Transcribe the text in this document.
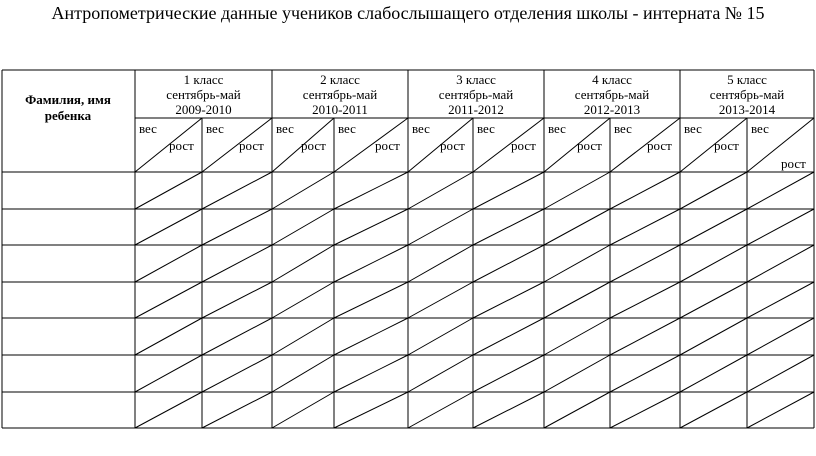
Антропометрические данные учеников слабослышащего отделения школы - интерната № 15
Фамилия, имя ребенка
1 класс
сентябрь-май
2009-2010
2 класс
сентябрь-май
2010-2011
3 класс
сентябрь-май
2011-2012
4 класс
сентябрь-май
2012-2013
5 класс
сентябрь-май
2013-2014
вес
рост
вес
рост
вес
рост
вес
рост
вес
рост
вес
рост
вес
рост
вес
рост
вес
рост
вес
рост
